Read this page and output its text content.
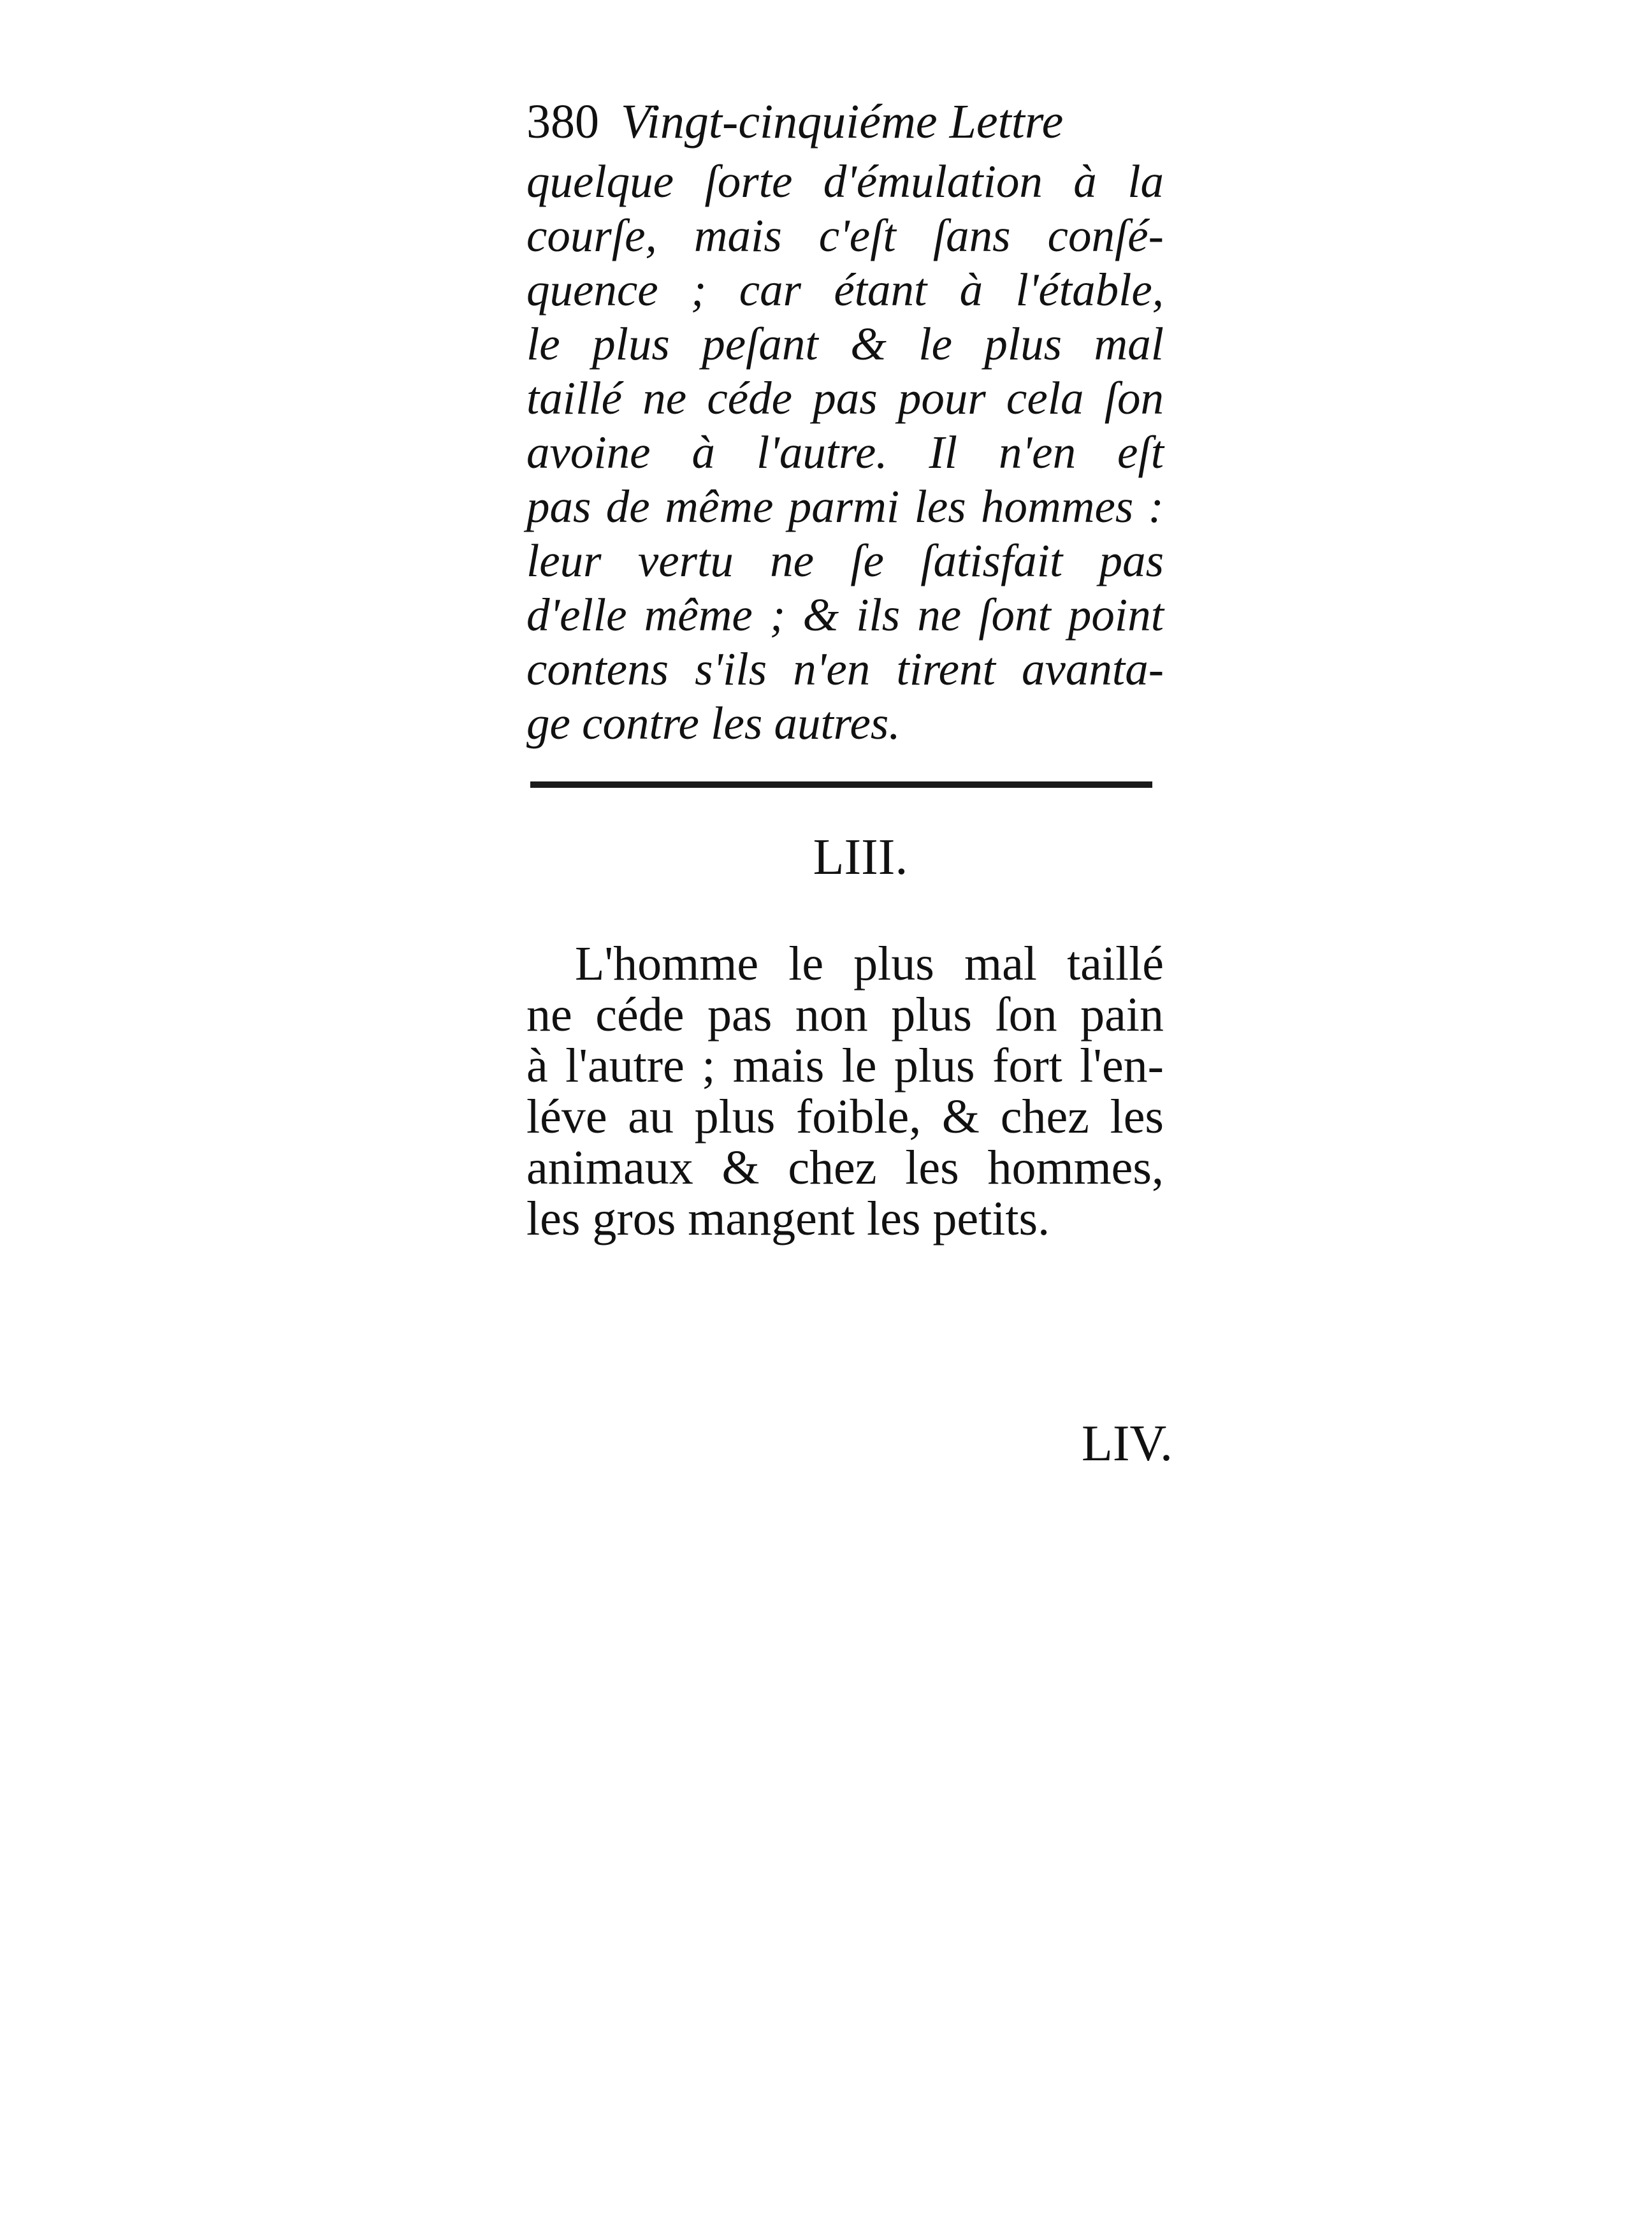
380 Vingt-cinquiéme Lettre
quelque ſorte d'émulation à la
courſe, mais c'eſt ſans conſé-
quence ; car étant à l'étable,
le plus peſant & le plus mal
taillé ne céde pas pour cela ſon
avoine à l'autre. Il n'en eſt
pas de même parmi les hommes :
leur vertu ne ſe ſatisfait pas
d'elle même ; & ils ne ſont point
contens s'ils n'en tirent avanta-
ge contre les autres.
LIII.
L'homme le plus mal taillé
ne céde pas non plus ſon pain
à l'autre ; mais le plus fort l'en-
léve au plus foible, & chez les
animaux & chez les hommes,
les gros mangent les petits.
LIV.
